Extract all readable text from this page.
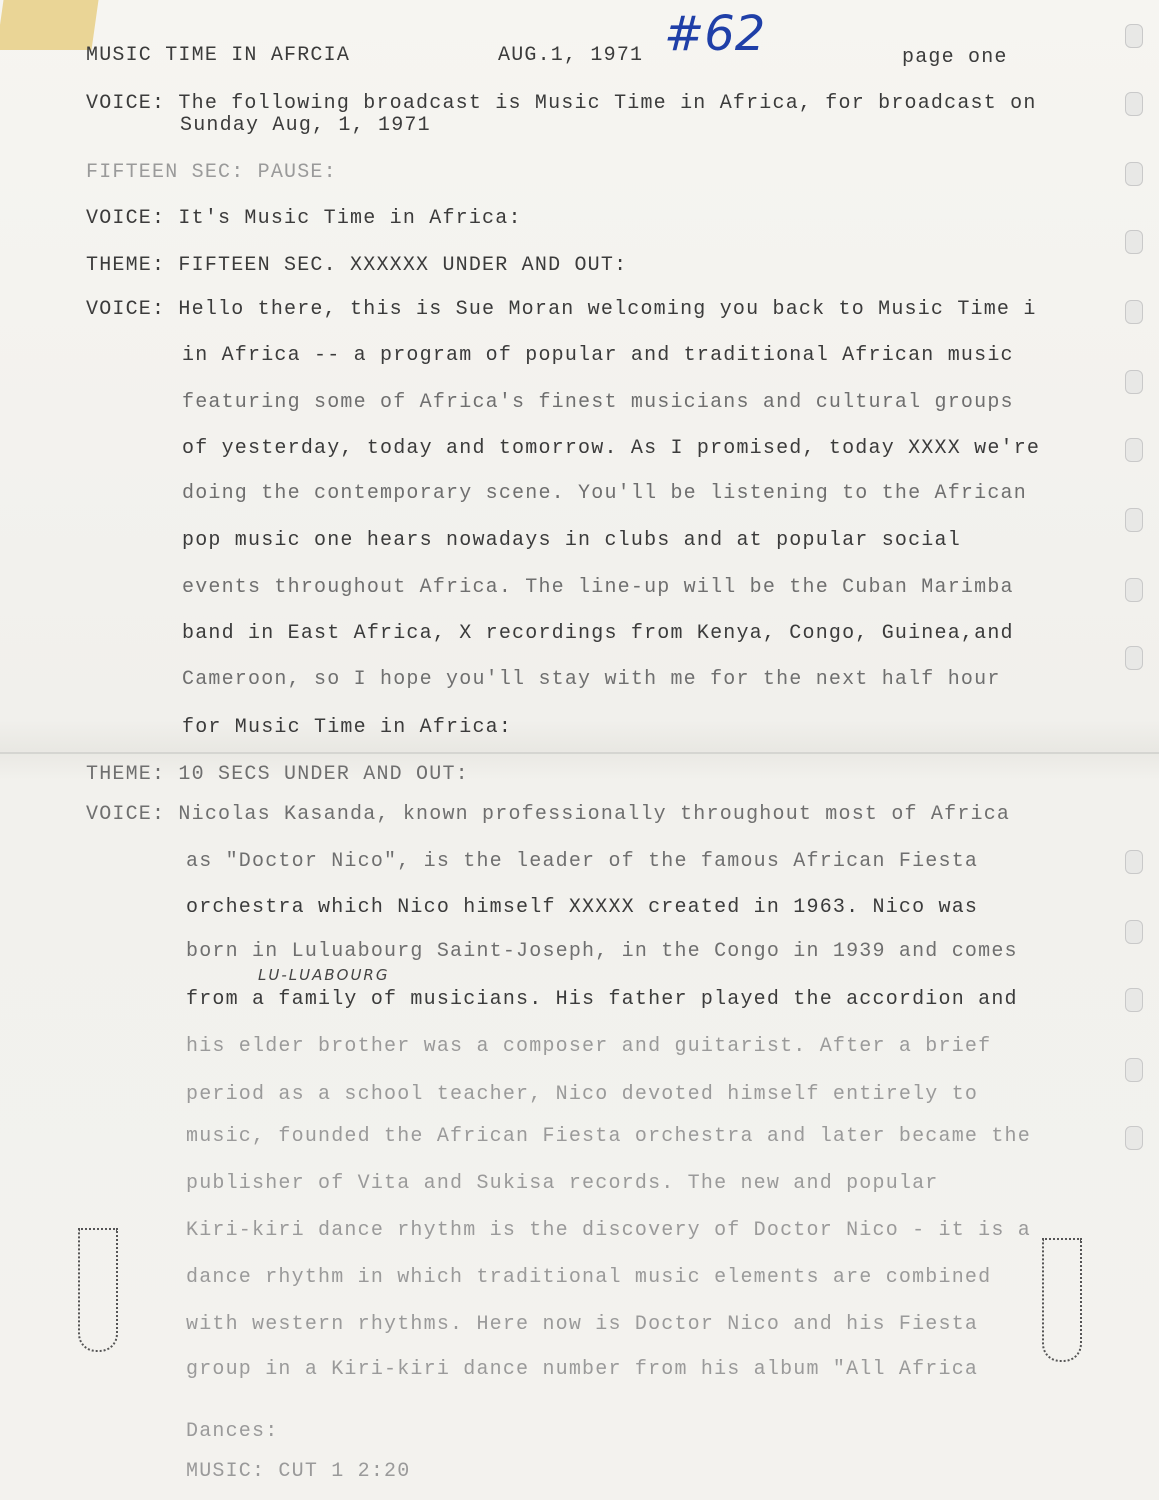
MUSIC TIME IN AFRCIA	AUG.1, 1971	page one
#62
VOICE: The following broadcast is Music Time in Africa, for broadcast on
Sunday Aug, 1, 1971
FIFTEEN SEC: PAUSE:
VOICE: It's Music Time in Africa:
THEME: FIFTEEN SEC. XXXXXX UNDER AND OUT:
VOICE: Hello there, this is Sue Moran welcoming you back to Music Time i
in Africa -- a program of popular and traditional African music
featuring some of Africa's finest musicians and cultural groups
of yesterday, today and tomorrow. As I promised, today XXXX we're
doing the contemporary scene. You'll be listening to the African
pop music one hears nowadays in clubs and at popular social
events throughout Africa. The line-up will be the Cuban Marimba
band in East Africa, X recordings from Kenya, Congo, Guinea,and
Cameroon, so I hope you'll stay with me for the next half hour
for Music Time in Africa:
THEME: 10 SECS UNDER AND OUT:
VOICE: Nicolas Kasanda, known professionally throughout most of Africa
as "Doctor Nico", is the leader of the famous African Fiesta
orchestra which Nico himself XXXXX created in 1963. Nico was
born in Luluabourg Saint-Joseph, in the Congo in 1939 and comes
LU-LUABOURG
from a family of musicians. His father played the accordion and
his elder brother was a composer and guitarist. After a brief
period as a school teacher, Nico devoted himself entirely to
music, founded the African Fiesta orchestra and later became the
publisher of Vita and Sukisa records. The new and popular
Kiri-kiri dance rhythm is the discovery of Doctor Nico - it is a
dance rhythm in which traditional music elements are combined
with western rhythms. Here now is Doctor Nico and his Fiesta
group in a Kiri-kiri dance number from his album "All Africa
Dances:
MUSIC: CUT 1 2:20
